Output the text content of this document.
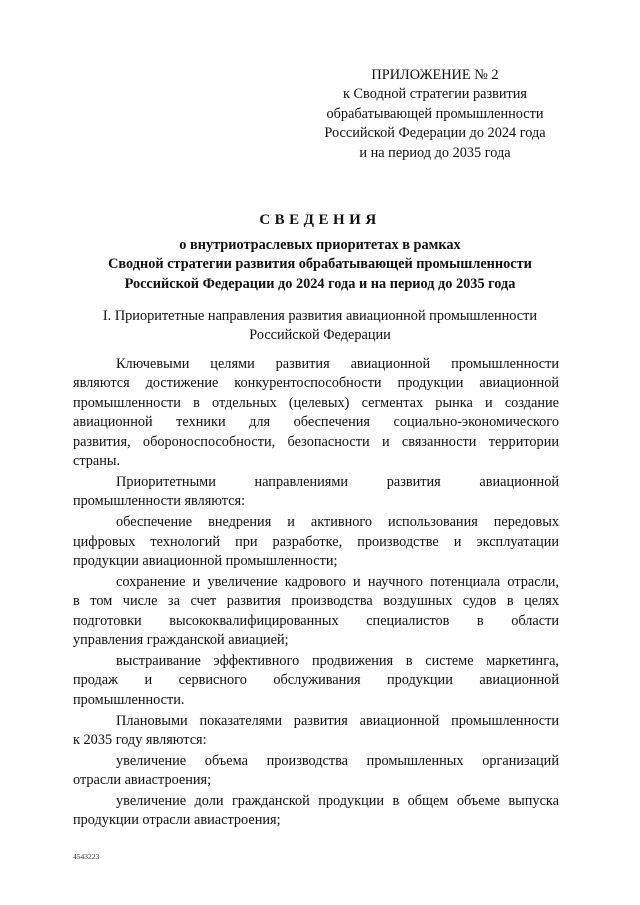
ПРИЛОЖЕНИЕ № 2
к Сводной стратегии развития
обрабатывающей промышленности
Российской Федерации до 2024 года
и на период до 2035 года
СВЕДЕНИЯ
о внутриотраслевых приоритетах в рамках
Сводной стратегии развития обрабатывающей промышленности
Российской Федерации до 2024 года и на период до 2035 года
I. Приоритетные направления развития авиационной промышленности
Российской Федерации
Ключевыми целями развития авиационной промышленности
являются достижение конкурентоспособности продукции авиационной
промышленности в отдельных (целевых) сегментах рынка и создание
авиационной техники для обеспечения социально-экономического
развития, обороноспособности, безопасности и связанности территории
страны.
Приоритетными направлениями развития авиационной
промышленности являются:
обеспечение внедрения и активного использования передовых
цифровых технологий при разработке, производстве и эксплуатации
продукции авиационной промышленности;
сохранение и увеличение кадрового и научного потенциала отрасли,
в том числе за счет развития производства воздушных судов в целях
подготовки высококвалифицированных специалистов в области
управления гражданской авиацией;
выстраивание эффективного продвижения в системе маркетинга,
продаж и сервисного обслуживания продукции авиационной
промышленности.
Плановыми показателями развития авиационной промышленности
к 2035 году являются:
увеличение объема производства промышленных организаций
отрасли авиастроения;
увеличение доли гражданской продукции в общем объеме выпуска
продукции отрасли авиастроения;
4543223
